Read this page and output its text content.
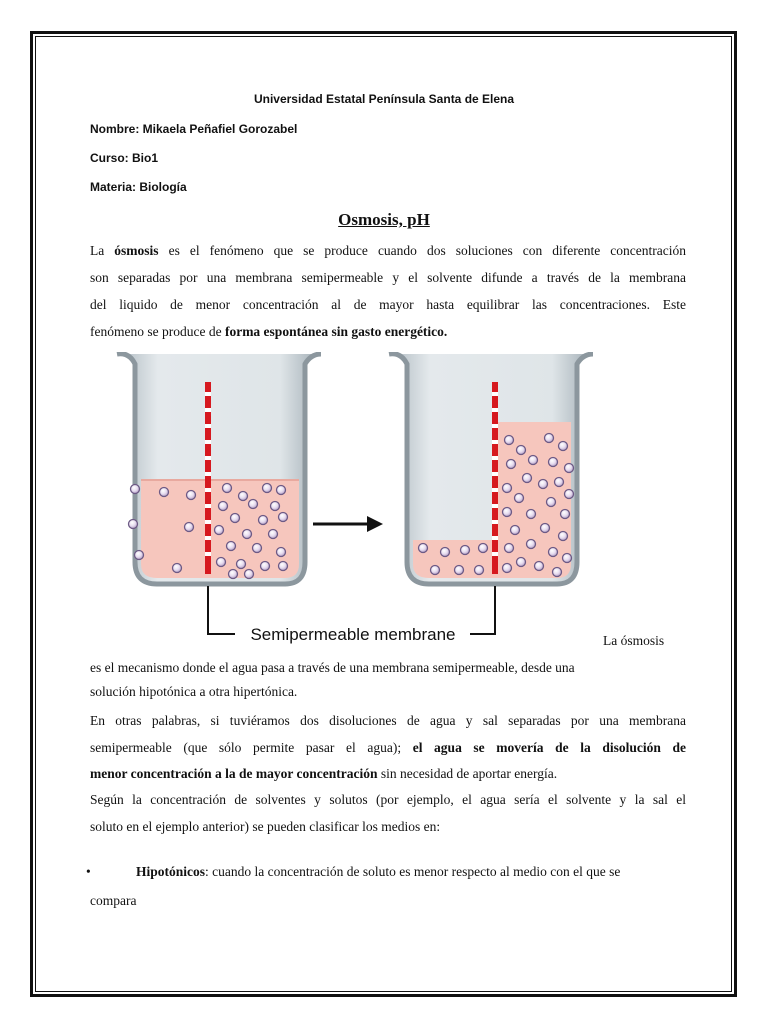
Universidad Estatal Península Santa de Elena
Nombre: Mikaela Peñafiel Gorozabel
Curso: Bio1
Materia: Biología
Osmosis, pH
La ósmosis es el fenómeno que se produce cuando dos soluciones con diferente concentración
son separadas por una membrana semipermeable y el solvente difunde a través de la membrana
del liquido de menor concentración al de mayor hasta equilibrar las concentraciones. Este
fenómeno se produce de forma espontánea sin gasto energético.
Semipermeable membrane	La ósmosis
es el mecanismo donde el agua pasa a través de una membrana semipermeable, desde una
solución hipotónica a otra hipertónica.
En otras palabras, si tuviéramos dos disoluciones de agua y sal separadas por una membrana
semipermeable (que sólo permite pasar el agua); el agua se movería de la disolución de
menor concentración a la de mayor concentración sin necesidad de aportar energía.
Según la concentración de solventes y solutos (por ejemplo, el agua sería el solvente y la sal el
soluto en el ejemplo anterior) se pueden clasificar los medios en:
•	Hipotónicos: cuando la concentración de soluto es menor respecto al medio con el que se
compara
